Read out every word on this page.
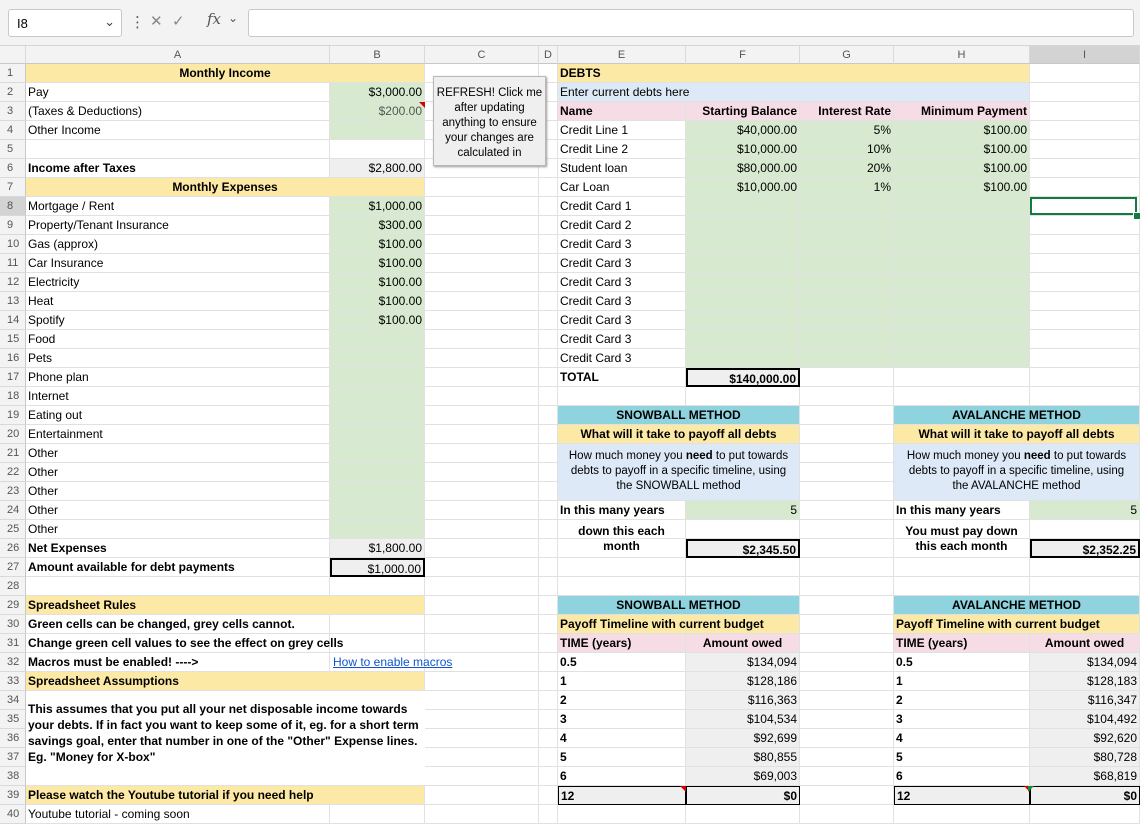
I8	⌄ ⋮ ✕ ✓ fx ⌄
A	B	C	D	E	F	G	H	I
1
2
3
4
5
6
7
8
9
10
11
12
13
14
15
16
17
18
19
20
21
22
23
24
25
26
27
28
29
30
31
32
33
34
35
36
37
38
39
40
Monthly Income
Pay	$3,000.00
(Taxes & Deductions)	$200.00
Other Income
Income after Taxes	$2,800.00
Monthly Expenses
Mortgage / Rent	$1,000.00
Property/Tenant Insurance	$300.00
Gas (approx)	$100.00
Car Insurance	$100.00
Electricity	$100.00
Heat	$100.00
Spotify	$100.00
Food
Pets
Phone plan
Internet
Eating out
Entertainment
Other
Other
Other
Other
Other
Net Expenses	$1,800.00
Amount available for debt payments	$1,000.00
Spreadsheet Rules
Green cells can be changed, grey cells cannot.
Change green cell values to see the effect on grey cells
Macros must be enabled! ---->	How to enable macros
Spreadsheet Assumptions
This assumes that you put all your net disposable income towards your debts. If in fact you want to keep some of it, eg. for a short term savings goal, enter that number in one of the "Other" Expense lines. Eg. "Money for X-box"
Please watch the Youtube tutorial if you need help
Youtube tutorial - coming soon
DEBTS
Enter current debts here
Name	Starting Balance	Interest Rate	Minimum Payment
Credit Line 1	$40,000.00	5%	$100.00
Credit Line 2	$10,000.00	10%	$100.00
Student loan	$80,000.00	20%	$100.00
Car Loan	$10,000.00	1%	$100.00
Credit Card 1
Credit Card 2
Credit Card 3
Credit Card 3
Credit Card 3
Credit Card 3
Credit Card 3
Credit Card 3
Credit Card 3
TOTAL	$140,000.00
SNOWBALL METHOD
What will it take to payoff all debts
How much money you need to put towards debts to payoff in a specific timeline, using the SNOWBALL method
In this many years	5
down this each month	$2,345.50
SNOWBALL METHOD
Payoff Timeline with current budget
TIME (years)	Amount owed
0.5	$134,094
1	$128,186
2	$116,363
3	$104,534
4	$92,699
5	$80,855
6	$69,003
12	$0
AVALANCHE METHOD
What will it take to payoff all debts
How much money you need to put towards debts to payoff in a specific timeline, using the AVALANCHE method
In this many years	5
You must pay down this each month	$2,352.25
AVALANCHE METHOD
Payoff Timeline with current budget
TIME (years)	Amount owed
0.5	$134,094
1	$128,183
2	$116,347
3	$104,492
4	$92,620
5	$80,728
6	$68,819
12	$0
REFRESH! Click me after updating anything to ensure your changes are calculated in
